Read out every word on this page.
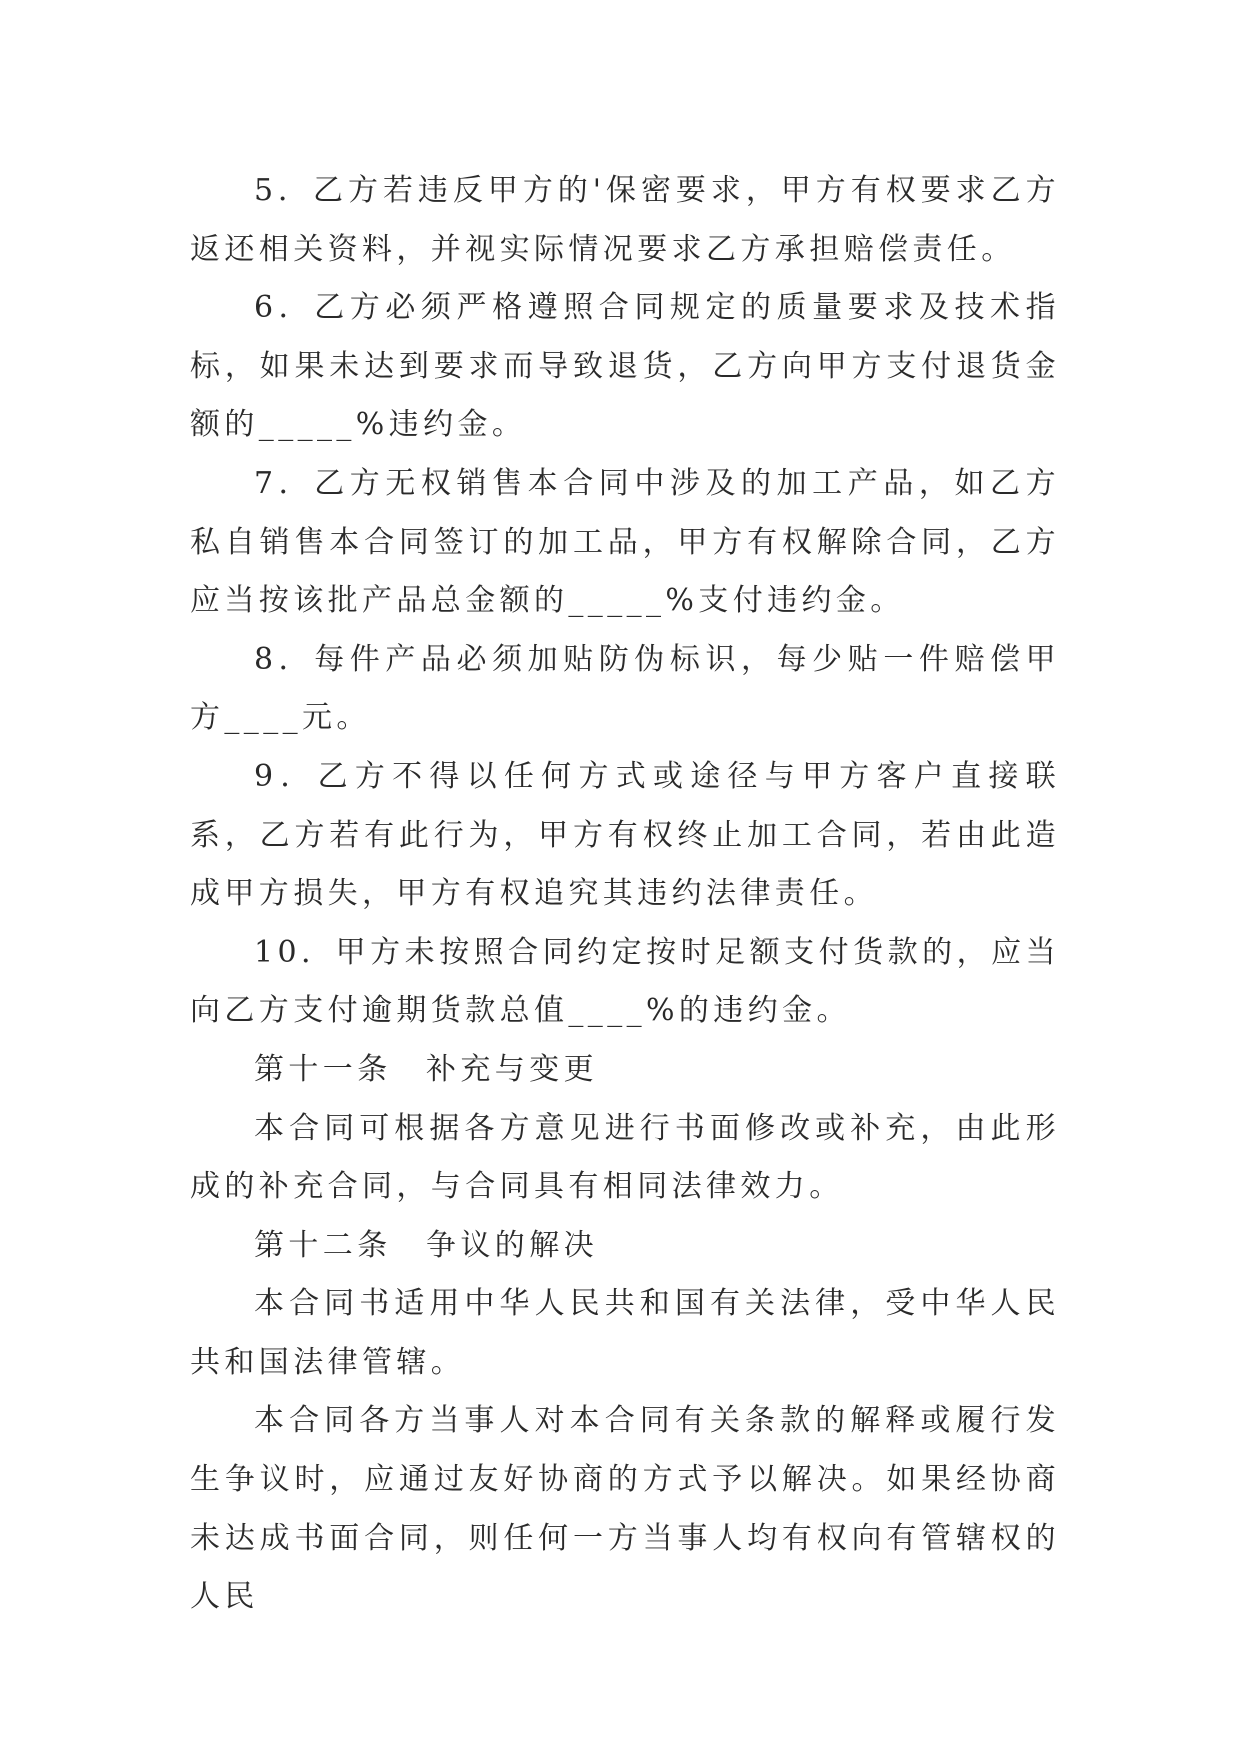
5．乙方若违反甲方的'保密要求，甲方有权要求乙方返还相关资料，并视实际情况要求乙方承担赔偿责任。

6．乙方必须严格遵照合同规定的质量要求及技术指标，如果未达到要求而导致退货，乙方向甲方支付退货金额的_____%违约金。

7．乙方无权销售本合同中涉及的加工产品，如乙方私自销售本合同签订的加工品，甲方有权解除合同，乙方应当按该批产品总金额的_____%支付违约金。

8．每件产品必须加贴防伪标识，每少贴一件赔偿甲方____元。

9．乙方不得以任何方式或途径与甲方客户直接联系，乙方若有此行为，甲方有权终止加工合同，若由此造成甲方损失，甲方有权追究其违约法律责任。

10．甲方未按照合同约定按时足额支付货款的，应当向乙方支付逾期货款总值____%的违约金。

第十一条　补充与变更

本合同可根据各方意见进行书面修改或补充，由此形成的补充合同，与合同具有相同法律效力。

第十二条　争议的解决

本合同书适用中华人民共和国有关法律，受中华人民共和国法律管辖。

本合同各方当事人对本合同有关条款的解释或履行发生争议时，应通过友好协商的方式予以解决。如果经协商未达成书面合同，则任何一方当事人均有权向有管辖权的人民
